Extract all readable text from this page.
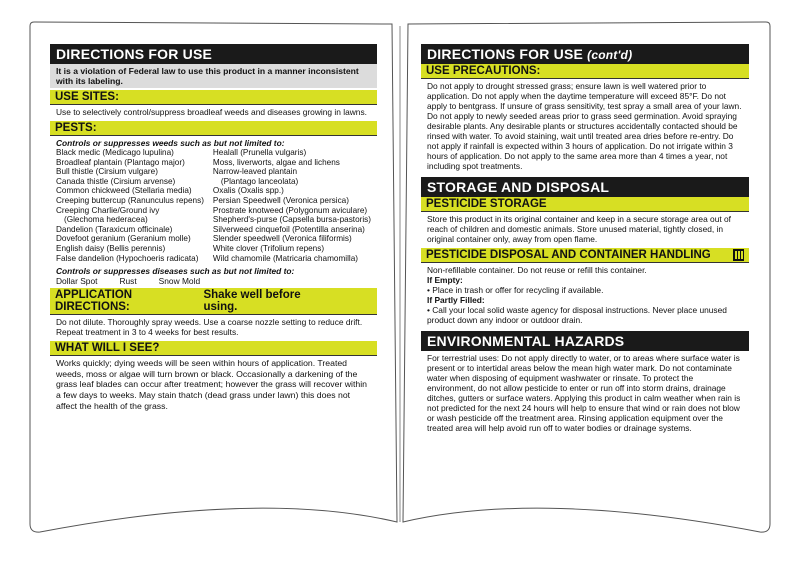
DIRECTIONS FOR USE
It is a violation of Federal law to use this product in a manner inconsistent with its labeling.
USE SITES:
Use to selectively control/suppress broadleaf weeds and diseases growing in lawns.
PESTS:
Controls or suppresses weeds such as but not limited to:
Black medic (Medicago lupulina)
Broadleaf plantain (Plantago major)
Bull thistle (Cirsium vulgare)
Canada thistle (Cirsium arvense)
Common chickweed (Stellaria media)
Creeping buttercup (Ranunculus repens)
Creeping Charlie/Ground ivy
(Glechoma hederacea)
Dandelion (Taraxicum officinale)
Dovefoot geranium (Geranium molle)
English daisy (Bellis perennis)
False dandelion (Hypochoeris radicata)
Healall (Prunella vulgaris)
Moss, liverworts, algae and lichens
Narrow-leaved plantain
(Plantago lanceolata)
Oxalis (Oxalis spp.)
Persian Speedwell (Veronica persica)
Prostrate knotweed (Polygonum aviculare)
Shepherd's-purse (Capsella bursa-pastoris)
Silverweed cinquefoil (Potentilla anserina)
Slender speedwell (Veronica filiformis)
White clover (Trifolium repens)
Wild chamomile (Matricaria chamomilla)
Controls or suppresses diseases such as but not limited to:
Dollar Spot	Rust	Snow Mold
APPLICATION DIRECTIONS:
Shake well before using.
Do not dilute. Thoroughly spray weeds. Use a coarse nozzle setting to reduce drift. Repeat treatment in 3 to 4 weeks for best results.
WHAT WILL I SEE?
Works quickly; dying weeds will be seen within hours of application. Treated weeds, moss or algae will turn brown or black. Occasionally a darkening of the grass leaf blades can occur after treatment; however the grass will recover within a few days to weeks. May stain thatch (dead grass under lawn) this does not affect the health of the grass.
DIRECTIONS FOR USE (cont'd)
USE PRECAUTIONS:
Do not apply to drought stressed grass; ensure lawn is well watered prior to application. Do not apply when the daytime temperature will exceed 85°F. Do not apply to bentgrass. If unsure of grass sensitivity, test spray a small area of your lawn. Do not apply to newly seeded areas prior to grass seed germination. Avoid spraying desirable plants. Any desirable plants or structures accidentally contacted should be rinsed with water. To avoid staining, wait until treated area dries before re-entry. Do not apply if rainfall is expected within 3 hours of application. Do not irrigate within 3 hours of application. Do not apply to the same area more than 4 times a year, not including spot treatments.
STORAGE AND DISPOSAL
PESTICIDE STORAGE
Store this product in its original container and keep in a secure storage area out of reach of children and domestic animals. Store unused material, tightly closed, in original container only, away from open flame.
PESTICIDE DISPOSAL AND CONTAINER HANDLING
Non-refillable container. Do not reuse or refill this container.
If Empty:
• Place in trash or offer for recycling if available.
If Partly Filled:
• Call your local solid waste agency for disposal instructions. Never place unused product down any indoor or outdoor drain.
ENVIRONMENTAL HAZARDS
For terrestrial uses: Do not apply directly to water, or to areas where surface water is present or to intertidal areas below the mean high water mark. Do not contaminate water when disposing of equipment washwater or rinsate. To protect the environment, do not allow pesticide to enter or run off into storm drains, drainage ditches, gutters or surface waters. Applying this product in calm weather when rain is not predicted for the next 24 hours will help to ensure that wind or rain does not blow or wash pesticide off the treatment area. Rinsing application equipment over the treated area will help avoid run off to water bodies or drainage systems.
